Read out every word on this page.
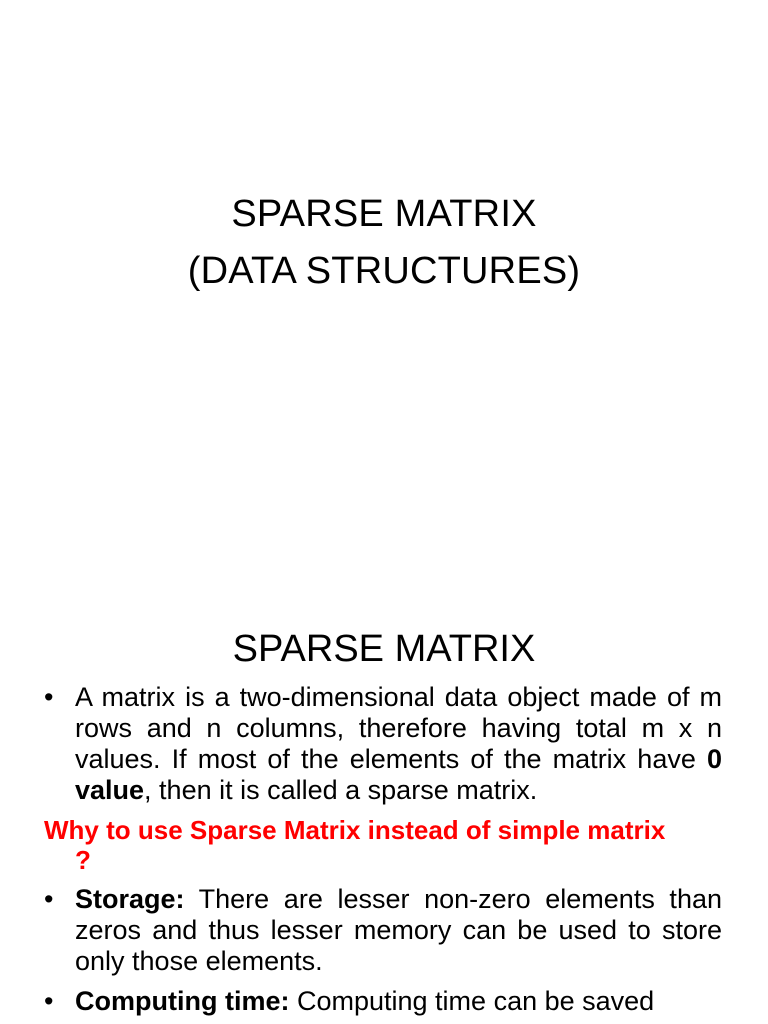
SPARSE MATRIX
(DATA STRUCTURES)
SPARSE MATRIX

• A matrix is a two-dimensional data object made of m rows and n columns, therefore having total m x n values. If most of the elements of the matrix have 0 value, then it is called a sparse matrix.

Why to use Sparse Matrix instead of simple matrix
?

• Storage: There are lesser non-zero elements than zeros and thus lesser memory can be used to store only those elements.

• Computing time: Computing time can be saved
